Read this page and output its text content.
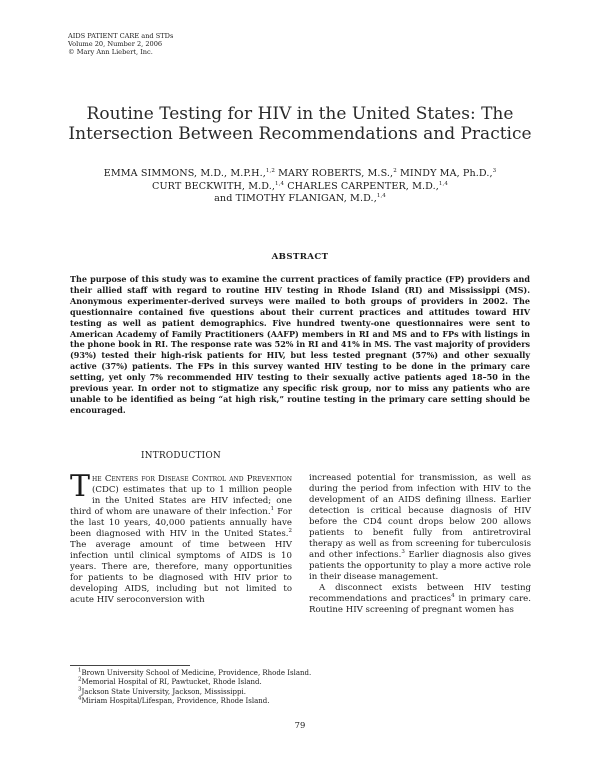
AIDS PATIENT CARE and STDs
Volume 20, Number 2, 2006
© Mary Ann Liebert, Inc.
Routine Testing for HIV in the United States: The Intersection Between Recommendations and Practice
EMMA SIMMONS, M.D., M.P.H.,$^{1,2}$ MARY ROBERTS, M.S.,$^2$ MINDY MA, Ph.D.,$^3$
CURT BECKWITH, M.D.,$^{1,4}$ CHARLES CARPENTER, M.D.,$^{1,4}$
and TIMOTHY FLANIGAN, M.D.,$^{1,4}$
ABSTRACT

The purpose of this study was to examine the current practices of family practice (FP) providers and their allied staff with regard to routine HIV testing in Rhode Island (RI) and Mississippi (MS). Anonymous experimenter-derived surveys were mailed to both groups of providers in 2002. The questionnaire contained five questions about their current practices and attitudes toward HIV testing as well as patient demographics. Five hundred twenty-one questionnaires were sent to American Academy of Family Practitioners (AAFP) members in RI and MS and to FPs with listings in the phone book in RI. The response rate was 52% in RI and 41% in MS. The vast majority of providers (93%) tested their high-risk patients for HIV, but less tested pregnant (57%) and other sexually active (37%) patients. The FPs in this survey wanted HIV testing to be done in the primary care setting, yet only 7% recommended HIV testing to their sexually active patients aged 18–50 in the previous year. In order not to stigmatize any specific risk group, nor to miss any patients who are unable to be identified as being “at high risk,” routine testing in the primary care setting should be encouraged.

INTRODUCTION

The Centers for Disease Control and Prevention (CDC) estimates that up to 1 million people in the United States are HIV infected; one third of whom are unaware of their infection.$^1$ For the last 10 years, 40,000 patients annually have been diagnosed with HIV in the United States.$^2$ The average amount of time between HIV infection until clinical symptoms of AIDS is 10 years. There are, therefore, many opportunities for patients to be diagnosed with HIV prior to developing AIDS, including but not limited to acute HIV seroconversion with

increased potential for transmission, as well as during the period from infection with HIV to the development of an AIDS defining illness. Earlier detection is critical because diagnosis of HIV before the CD4 count drops below 200 allows patients to benefit fully from antiretroviral therapy as well as from screening for tuberculosis and other infections.$^3$ Earlier diagnosis also gives patients the opportunity to play a more active role in their disease management.

A disconnect exists between HIV testing recommendations and practices$^4$ in primary care. Routine HIV screening of pregnant women has

$^1$Brown University School of Medicine, Providence, Rhode Island.
$^2$Memorial Hospital of RI, Pawtucket, Rhode Island.
$^3$Jackson State University, Jackson, Mississippi.
$^4$Miriam Hospital/Lifespan, Providence, Rhode Island.
79
